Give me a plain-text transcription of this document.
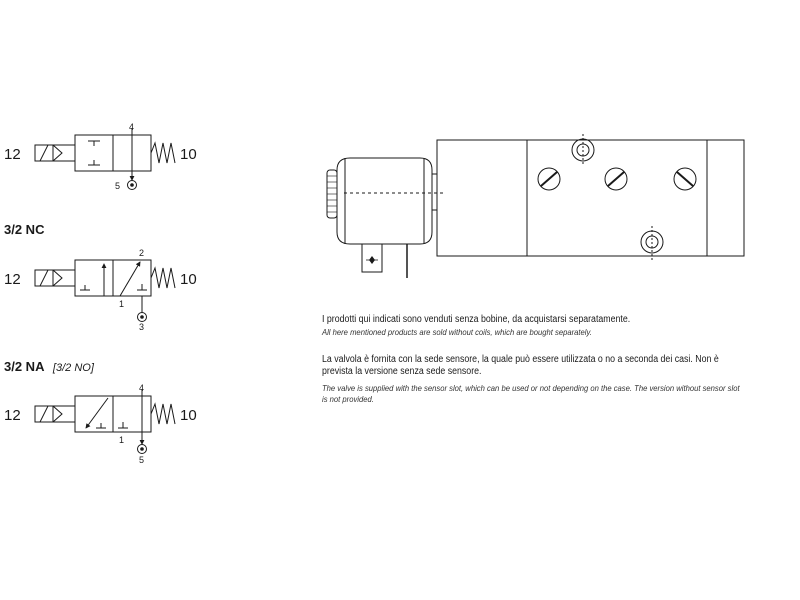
12	10
4
5
3/2 NC
12	10
2
1
3
3/2 NA [3/2 NO]
12	10
4
1
5
I prodotti qui indicati sono venduti senza bobine, da acquistarsi separatamente.
All here mentioned products are sold without coils, which are bought separately.
La valvola è fornita con la sede sensore, la quale può essere utilizzata o no a seconda dei casi. Non è prevista la versione senza sede sensore.
The valve is supplied with the sensor slot, which can be used or not depending on the case. The version without sensor slot is not provided.
